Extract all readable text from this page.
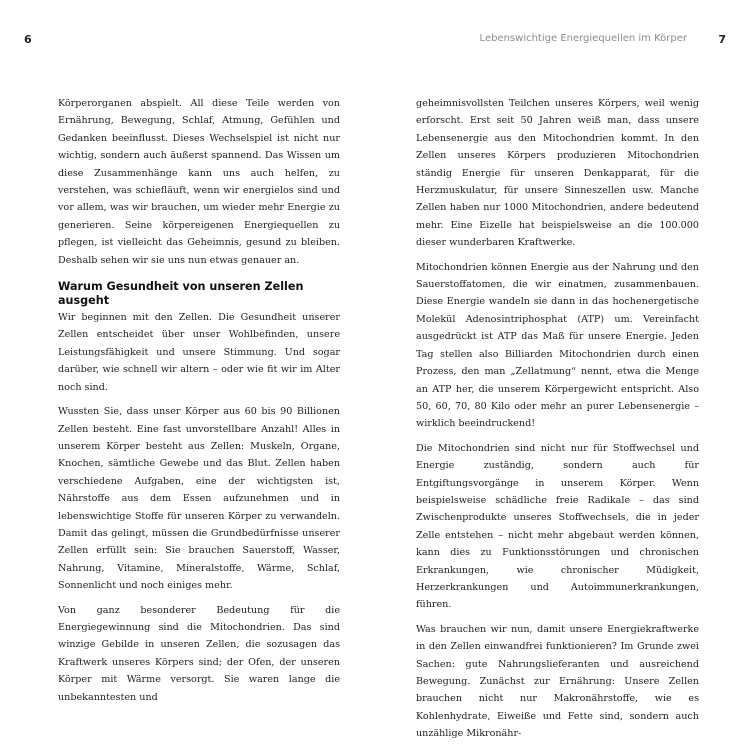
6

Körperorganen abspielt. All diese Teile werden von Ernährung, Bewegung, Schlaf, Atmung, Gefühlen und Gedanken beeinflusst. Dieses Wechselspiel ist nicht nur wichtig, sondern auch äußerst spannend. Das Wissen um diese Zusammenhänge kann uns auch helfen, zu verstehen, was schiefläuft, wenn wir energielos sind und vor allem, was wir brauchen, um wieder mehr Energie zu generieren. Seine körpereigenen Energiequellen zu pflegen, ist vielleicht das Geheimnis, gesund zu bleiben. Deshalb sehen wir sie uns nun etwas genauer an.

Warum Gesundheit von unseren Zellen ausgeht

Wir beginnen mit den Zellen. Die Gesundheit unserer Zellen entscheidet über unser Wohlbefinden, unsere Leistungsfähigkeit und unsere Stimmung. Und sogar darüber, wie schnell wir altern – oder wie fit wir im Alter noch sind.

Wussten Sie, dass unser Körper aus 60 bis 90 Billionen Zellen besteht. Eine fast unvorstellbare Anzahl! Alles in unserem Körper besteht aus Zellen: Muskeln, Organe, Knochen, sämtliche Gewebe und das Blut. Zellen haben verschiedene Aufgaben, eine der wichtigsten ist, Nährstoffe aus dem Essen aufzunehmen und in lebenswichtige Stoffe für unseren Körper zu verwandeln. Damit das gelingt, müssen die Grundbedürfnisse unserer Zellen erfüllt sein: Sie brauchen Sauerstoff, Wasser, Nahrung, Vitamine, Mineralstoffe, Wärme, Schlaf, Sonnenlicht und noch einiges mehr.

Von ganz besonderer Bedeutung für die Energiegewinnung sind die Mitochondrien. Das sind winzige Gebilde in unseren Zellen, die sozusagen das Kraftwerk unseres Körpers sind; der Ofen, der unseren Körper mit Wärme versorgt. Sie waren lange die unbekanntesten und

Lebenswichtige Energiequellen im Körper	7

geheimnisvollsten Teilchen unseres Körpers, weil wenig erforscht. Erst seit 50 Jahren weiß man, dass unsere Lebensenergie aus den Mitochondrien kommt. In den Zellen unseres Körpers produzieren Mitochondrien ständig Energie für unseren Denkapparat, für die Herzmuskulatur, für unsere Sinneszellen usw. Manche Zellen haben nur 1000 Mitochondrien, andere bedeutend mehr. Eine Eizelle hat beispielsweise an die 100.000 dieser wunderbaren Kraftwerke.

Mitochondrien können Energie aus der Nahrung und den Sauerstoffatomen, die wir einatmen, zusammenbauen. Diese Energie wandeln sie dann in das hochenergetische Molekül Adenosintriphosphat (ATP) um. Vereinfacht ausgedrückt ist ATP das Maß für unsere Energie. Jeden Tag stellen also Billiarden Mitochondrien durch einen Prozess, den man „Zellatmung“ nennt, etwa die Menge an ATP her, die unserem Körpergewicht entspricht. Also 50, 60, 70, 80 Kilo oder mehr an purer Lebensenergie – wirklich beeindruckend!

Die Mitochondrien sind nicht nur für Stoffwechsel und Energie zuständig, sondern auch für Entgiftungsvorgänge in unserem Körper. Wenn beispielsweise schädliche freie Radikale – das sind Zwischenprodukte unseres Stoffwechsels, die in jeder Zelle entstehen – nicht mehr abgebaut werden können, kann dies zu Funktionsstörungen und chronischen Erkrankungen, wie chronischer Müdigkeit, Herzerkrankungen und Autoimmunerkrankungen, führen.

Was brauchen wir nun, damit unsere Energiekraftwerke in den Zellen einwandfrei funktionieren? Im Grunde zwei Sachen: gute Nahrungslieferanten und ausreichend Bewegung. Zunächst zur Ernährung: Unsere Zellen brauchen nicht nur Makronährstoffe, wie es Kohlenhydrate, Eiweiße und Fette sind, sondern auch unzählige Mikronähr-
